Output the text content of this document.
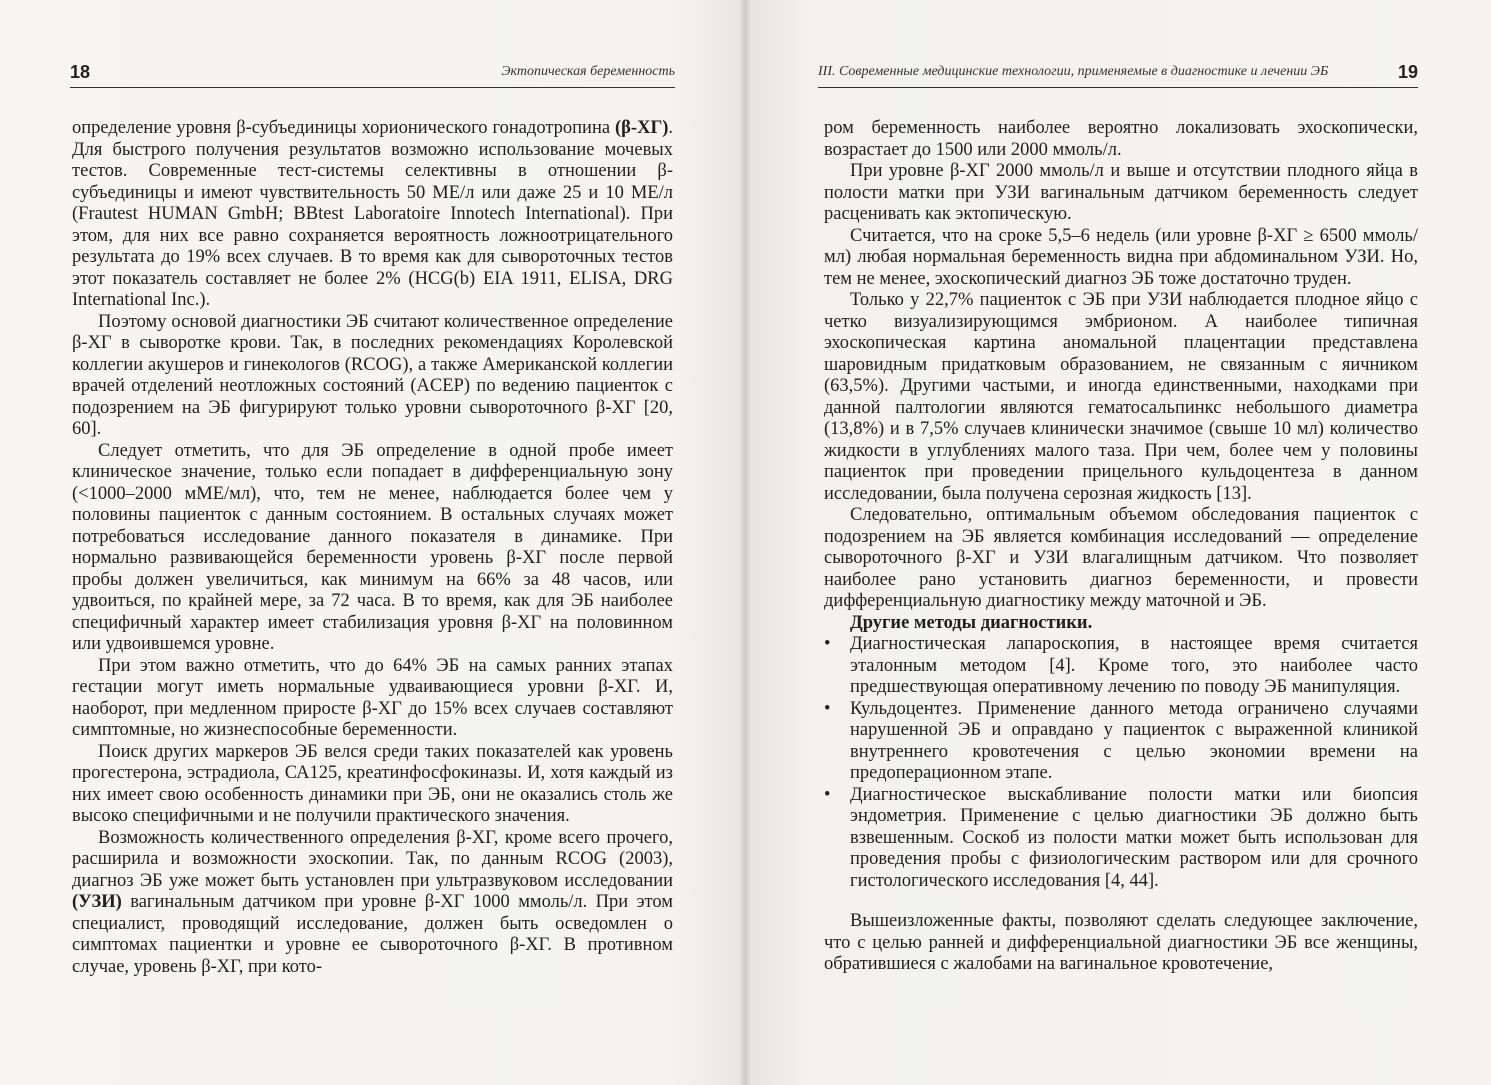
18	Эктопическая беременность

определение уровня β-субъединицы хорионического гонадотропина (β-ХГ). Для быстрого получения результатов возможно использование мочевых тестов. Современные тест-системы селективны в отношении β-субъединицы и имеют чувствительность 50 МЕ/л или даже 25 и 10 МЕ/л (Frautest HUMAN GmbH; BBtest Laboratoire Innotech International). При этом, для них все равно сохраняется вероятность ложноотрицательного результата до 19% всех случаев. В то время как для сывороточных тестов этот показатель составляет не более 2% (HCG(b) EIA 1911, ELISA, DRG International Inc.).

Поэтому основой диагностики ЭБ считают количественное определение β-ХГ в сыворотке крови. Так, в последних рекомендациях Королевской коллегии акушеров и гинекологов (RCOG), а также Американской коллегии врачей отделений неотложных состояний (ACEP) по ведению пациенток с подозрением на ЭБ фигурируют только уровни сывороточного β-ХГ [20, 60].

Следует отметить, что для ЭБ определение в одной пробе имеет клиническое значение, только если попадает в дифференциальную зону (<1000–2000 мМЕ/мл), что, тем не менее, наблюдается более чем у половины пациенток с данным состоянием. В остальных случаях может потребоваться исследование данного показателя в динамике. При нормально развивающейся беременности уровень β-ХГ после первой пробы должен увеличиться, как минимум на 66% за 48 часов, или удвоиться, по крайней мере, за 72 часа. В то время, как для ЭБ наиболее специфичный характер имеет стабилизация уровня β-ХГ на половинном или удвоившемся уровне.

При этом важно отметить, что до 64% ЭБ на самых ранних этапах гестации могут иметь нормальные удваивающиеся уровни β-ХГ. И, наоборот, при медленном приросте β-ХГ до 15% всех случаев составляют симптомные, но жизнеспособные беременности.

Поиск других маркеров ЭБ велся среди таких показателей как уровень прогестерона, эстрадиола, СА125, креатинфосфокиназы. И, хотя каждый из них имеет свою особенность динамики при ЭБ, они не оказались столь же высоко специфичными и не получили практического значения.

Возможность количественного определения β-ХГ, кроме всего прочего, расширила и возможности эхоскопии. Так, по данным RCOG (2003), диагноз ЭБ уже может быть установлен при ультразвуковом исследовании (УЗИ) вагинальным датчиком при уровне β-ХГ 1000 ммоль/л. При этом специалист, проводящий исследование, должен быть осведомлен о симптомах пациентки и уровне ее сывороточного β-ХГ. В противном случае, уровень β-ХГ, при кото-

III. Современные медицинские технологии, применяемые в диагностике и лечении ЭБ	19

ром беременность наиболее вероятно локализовать эхоскопически, возрастает до 1500 или 2000 ммоль/л.

При уровне β-ХГ 2000 ммоль/л и выше и отсутствии плодного яйца в полости матки при УЗИ вагинальным датчиком беременность следует расценивать как эктопическую.

Считается, что на сроке 5,5–6 недель (или уровне β-ХГ ≥ 6500 ммоль/мл) любая нормальная беременность видна при абдоминальном УЗИ. Но, тем не менее, эхоскопический диагноз ЭБ тоже достаточно труден.

Только у 22,7% пациенток с ЭБ при УЗИ наблюдается плодное яйцо с четко визуализирующимся эмбрионом. А наиболее типичная эхоскопическая картина аномальной плацентации представлена шаровидным придатковым образованием, не связанным с яичником (63,5%). Другими частыми, и иногда единственными, находками при данной палтологии являются гематосальпинкс небольшого диаметра (13,8%) и в 7,5% случаев клинически значимое (свыше 10 мл) количество жидкости в углублениях малого таза. При чем, более чем у половины пациенток при проведении прицельного кульдоцентеза в данном исследовании, была получена серозная жидкость [13].

Следовательно, оптимальным объемом обследования пациенток с подозрением на ЭБ является комбинация исследований — определение сывороточного β-ХГ и УЗИ влагалищным датчиком. Что позволяет наиболее рано установить диагноз беременности, и провести дифференциальную диагностику между маточной и ЭБ.

Другие методы диагностики.

• Диагностическая лапароскопия, в настоящее время считается эталонным методом [4]. Кроме того, это наиболее часто предшествующая оперативному лечению по поводу ЭБ манипуляция.
• Кульдоцентез. Применение данного метода ограничено случаями нарушенной ЭБ и оправдано у пациенток с выраженной клиникой внутреннего кровотечения с целью экономии времени на предоперационном этапе.
• Диагностическое выскабливание полости матки или биопсия эндометрия. Применение с целью диагностики ЭБ должно быть взвешенным. Соскоб из полости матки может быть использован для проведения пробы с физиологическим раствором или для срочного гистологического исследования [4, 44].

Вышеизложенные факты, позволяют сделать следующее заключение, что с целью ранней и дифференциальной диагностики ЭБ все женщины, обратившиеся с жалобами на вагинальное кровотечение,
